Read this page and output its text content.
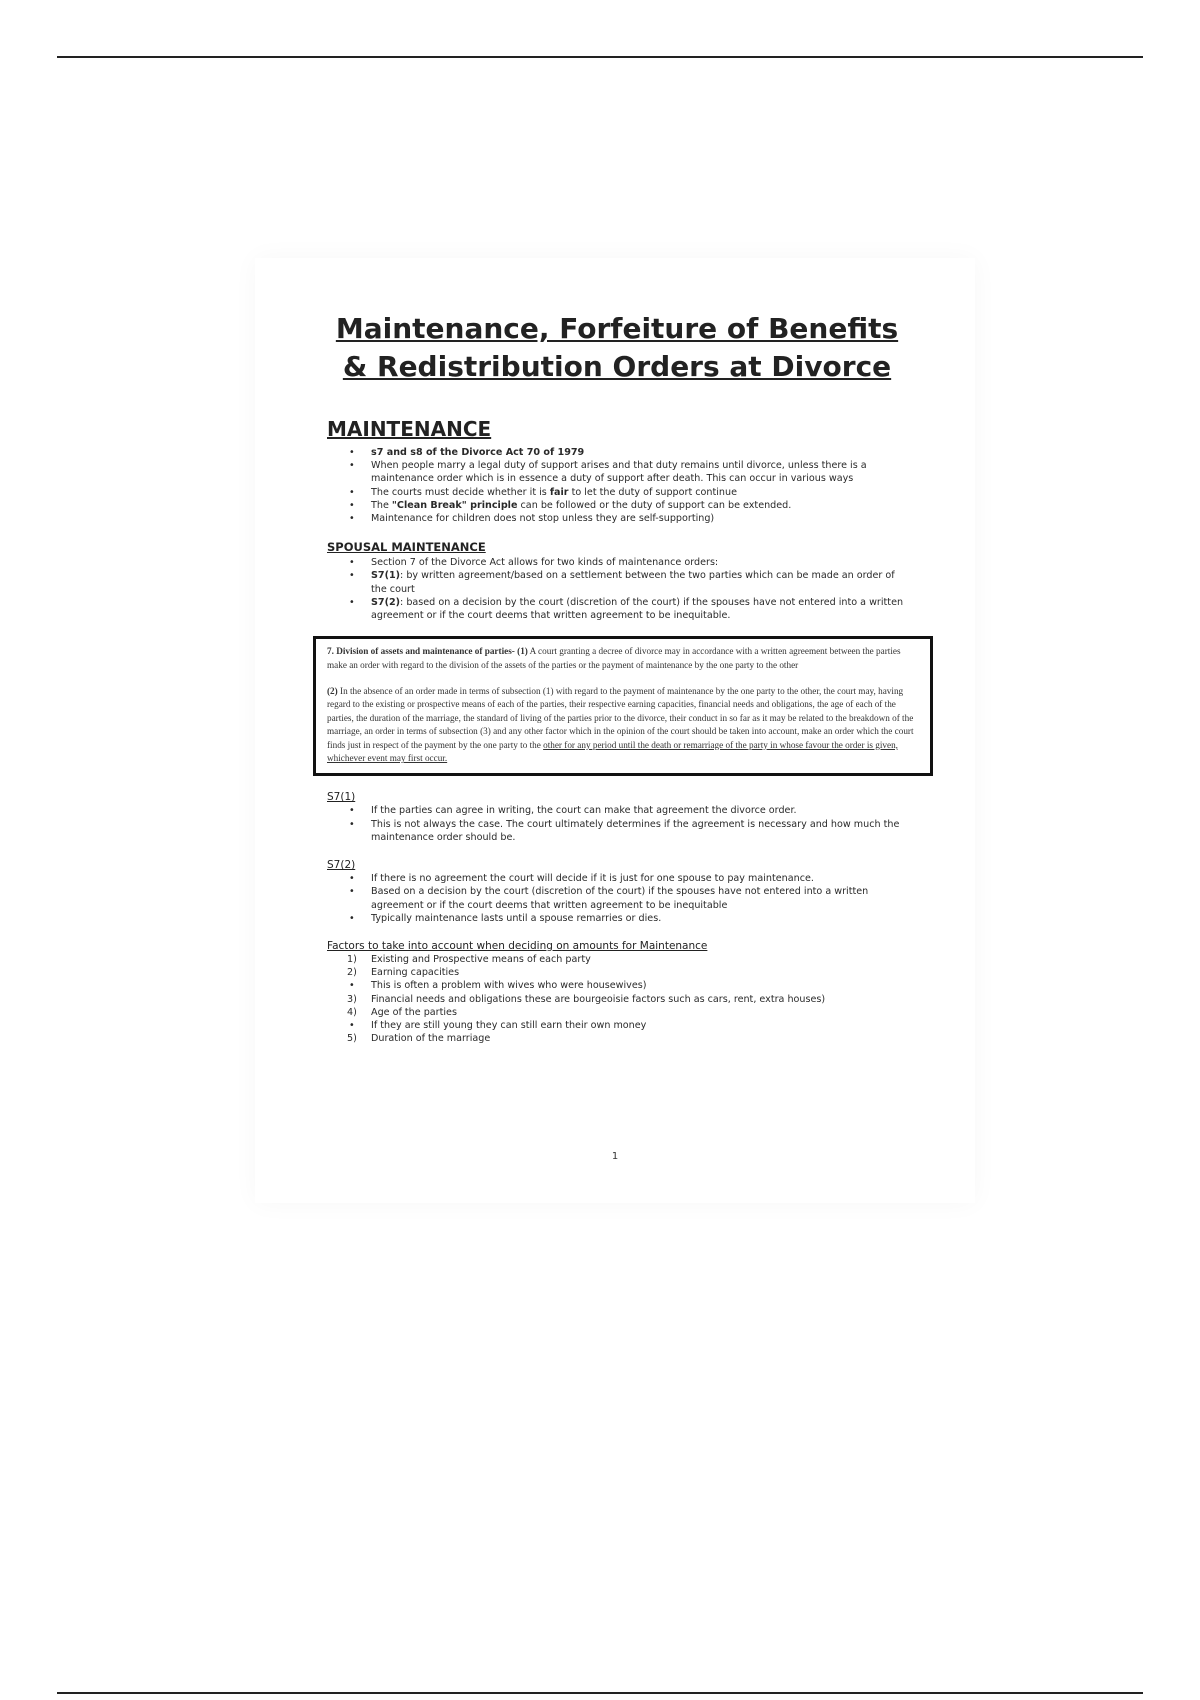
Maintenance, Forfeiture of Benefits
& Redistribution Orders at Divorce
MAINTENANCE
•	s7 and s8 of the Divorce Act 70 of 1979
•	When people marry a legal duty of support arises and that duty remains until divorce, unless there is a maintenance order which is in essence a duty of support after death. This can occur in various ways
•	The courts must decide whether it is fair to let the duty of support continue
•	The "Clean Break" principle can be followed or the duty of support can be extended.
•	Maintenance for children does not stop unless they are self-supporting)
SPOUSAL MAINTENANCE
•	Section 7 of the Divorce Act allows for two kinds of maintenance orders:
•	S7(1): by written agreement/based on a settlement between the two parties which can be made an order of the court
•	S7(2): based on a decision by the court (discretion of the court) if the spouses have not entered into a written agreement or if the court deems that written agreement to be inequitable.

7. Division of assets and maintenance of parties- (1) A court granting a decree of divorce may in accordance with a written agreement between the parties make an order with regard to the division of the assets of the parties or the payment of maintenance by the one party to the other

(2) In the absence of an order made in terms of subsection (1) with regard to the payment of maintenance by the one party to the other, the court may, having regard to the existing or prospective means of each of the parties, their respective earning capacities, financial needs and obligations, the age of each of the parties, the duration of the marriage, the standard of living of the parties prior to the divorce, their conduct in so far as it may be related to the breakdown of the marriage, an order in terms of subsection (3) and any other factor which in the opinion of the court should be taken into account, make an order which the court finds just in respect of the payment by the one party to the other for any period until the death or remarriage of the party in whose favour the order is given, whichever event may first occur.

S7(1)
•	If the parties can agree in writing, the court can make that agreement the divorce order.
•	This is not always the case. The court ultimately determines if the agreement is necessary and how much the maintenance order should be.
S7(2)
•	If there is no agreement the court will decide if it is just for one spouse to pay maintenance.
•	Based on a decision by the court (discretion of the court) if the spouses have not entered into a written agreement or if the court deems that written agreement to be inequitable
•	Typically maintenance lasts until a spouse remarries or dies.
Factors to take into account when deciding on amounts for Maintenance
1)	Existing and Prospective means of each party
2)	Earning capacities
•	This is often a problem with wives who were housewives)
3)	Financial needs and obligations these are bourgeoisie factors such as cars, rent, extra houses)
4)	Age of the parties
•	If they are still young they can still earn their own money
5)	Duration of the marriage
1
